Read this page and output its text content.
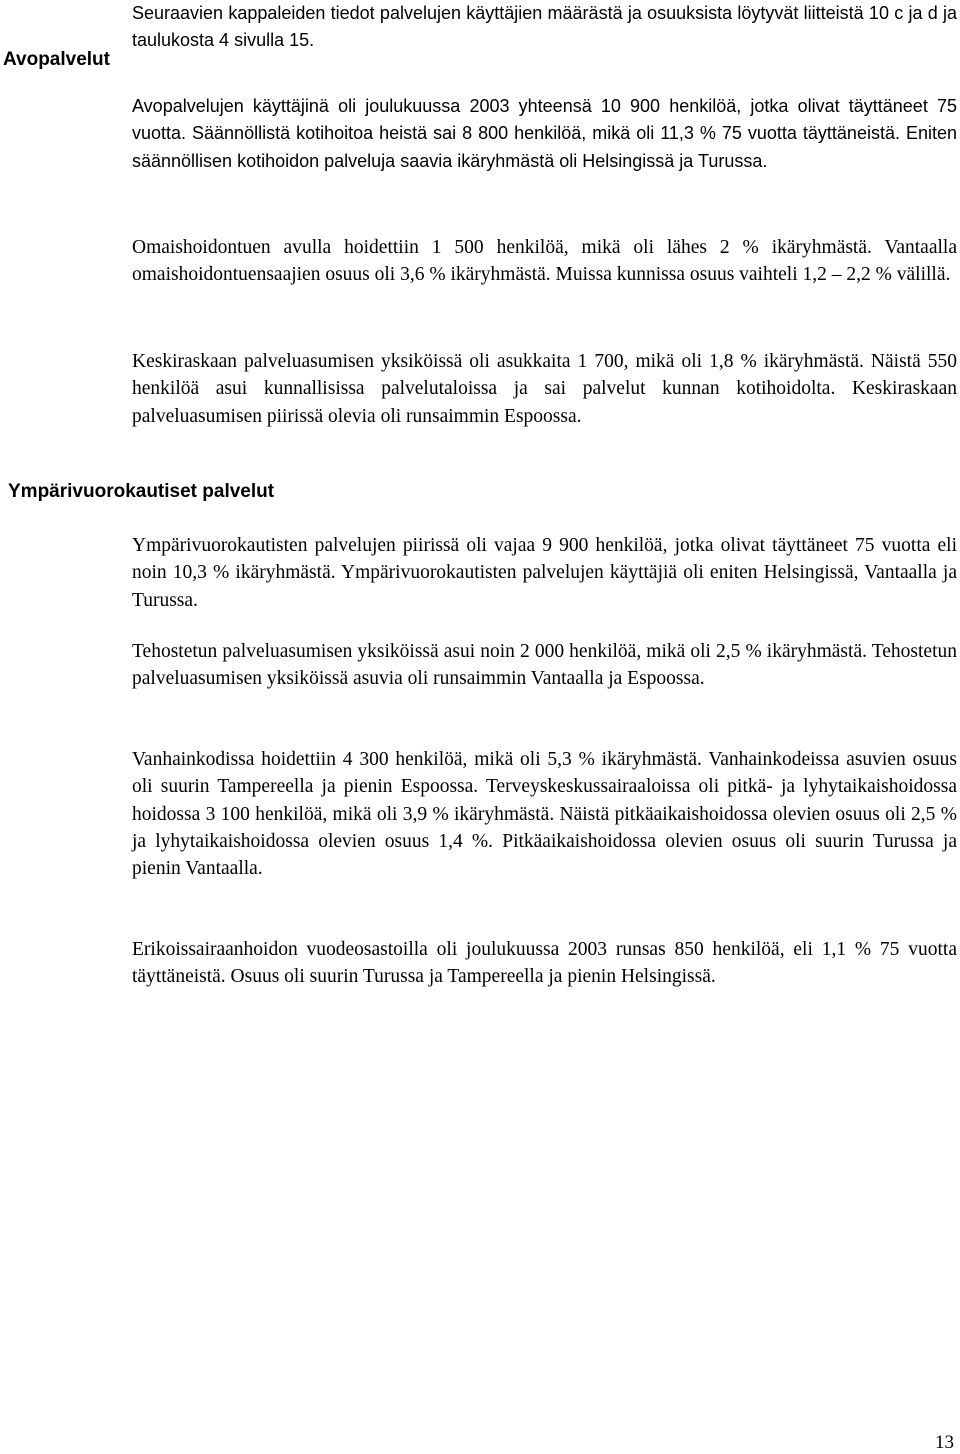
Avopalvelut
Ympärivuorokautiset palvelut

Seuraavien kappaleiden tiedot palvelujen käyttäjien määrästä ja osuuksista löytyvät liitteistä 10 c ja d ja taulukosta 4 sivulla 15.

Avopalvelujen käyttäjinä oli joulukuussa 2003 yhteensä 10 900 henkilöä, jotka olivat täyttäneet 75 vuotta. Säännöllistä kotihoitoa heistä sai 8 800 henkilöä, mikä oli 11,3 % 75 vuotta täyttäneistä. Eniten säännöllisen kotihoidon palveluja saavia ikäryhmästä oli Helsingissä ja Turussa.

Omaishoidontuen avulla hoidettiin 1 500 henkilöä, mikä oli lähes 2 % ikäryhmästä. Vantaalla omaishoidontuensaajien osuus oli 3,6 % ikäryhmästä. Muissa kunnissa osuus vaihteli 1,2 – 2,2 % välillä.

Keskiraskaan palveluasumisen yksiköissä oli asukkaita 1 700, mikä oli 1,8 % ikäryhmästä. Näistä 550 henkilöä asui kunnallisissa palvelutaloissa ja sai palvelut kunnan kotihoidolta. Keskiraskaan palveluasumisen piirissä olevia oli runsaimmin Espoossa.

Ympärivuorokautisten palvelujen piirissä oli vajaa 9 900 henkilöä, jotka olivat täyttäneet 75 vuotta eli noin 10,3 % ikäryhmästä. Ympärivuorokautisten palvelujen käyttäjiä oli eniten Helsingissä, Vantaalla ja Turussa.

Tehostetun palveluasumisen yksiköissä asui noin 2 000 henkilöä, mikä oli 2,5 % ikäryhmästä. Tehostetun palveluasumisen yksiköissä asuvia oli runsaimmin Vantaalla ja Espoossa.

Vanhainkodissa hoidettiin 4 300 henkilöä, mikä oli 5,3 % ikäryhmästä. Vanhainkodeissa asuvien osuus oli suurin Tampereella ja pienin Espoossa. Terveyskeskussairaaloissa oli pitkä- ja lyhytaikaishoidossa hoidossa 3 100 henkilöä, mikä oli 3,9 % ikäryhmästä. Näistä pitkäaikaishoidossa olevien osuus oli 2,5 % ja lyhytaikaishoidossa olevien osuus 1,4 %. Pitkäaikaishoidossa olevien osuus oli suurin Turussa ja pienin Vantaalla.

Erikoissairaanhoidon vuodeosastoilla oli joulukuussa 2003 runsas 850 henkilöä, eli 1,1 % 75 vuotta täyttäneistä. Osuus oli suurin Turussa ja Tampereella ja pienin Helsingissä.

13
